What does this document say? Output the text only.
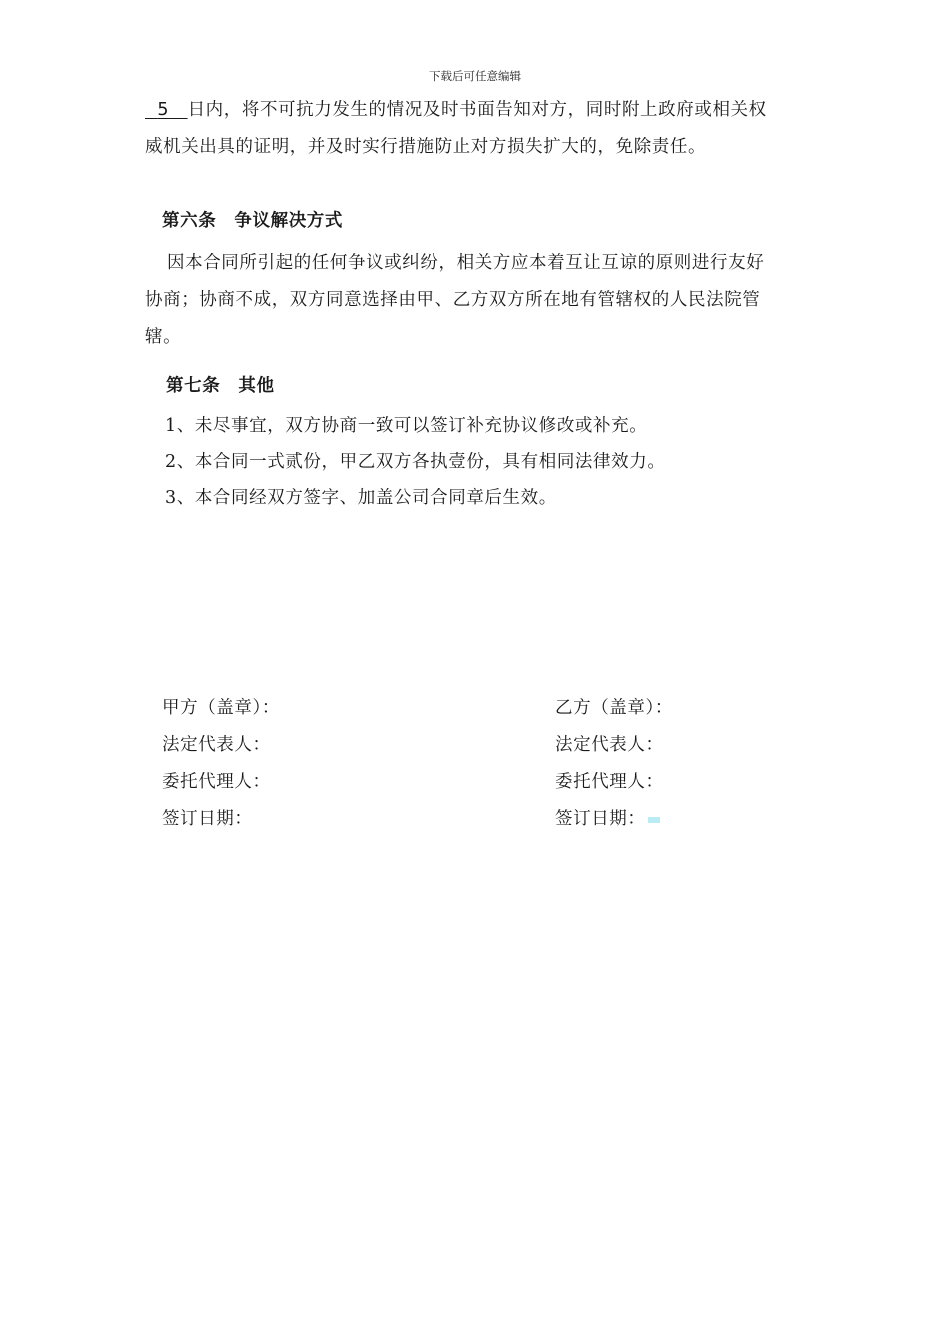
下载后可任意编辑

5 日内，将不可抗力发生的情况及时书面告知对方，同时附上政府或相关权
威机关出具的证明，并及时实行措施防止对方损失扩大的，免除责任。

第六条　争议解决方式

因本合同所引起的任何争议或纠纷，相关方应本着互让互谅的原则进行友好
协商；协商不成，双方同意选择由甲、乙方双方所在地有管辖权的人民法院管
辖。

第七条　其他

1、未尽事宜，双方协商一致可以签订补充协议修改或补充。

2、本合同一式贰份，甲乙双方各执壹份，具有相同法律效力。

3、本合同经双方签字、加盖公司合同章后生效。

甲方（盖章）：
法定代表人：
委托代理人：
签订日期：
乙方（盖章）：
法定代表人：
委托代理人：
签订日期：
